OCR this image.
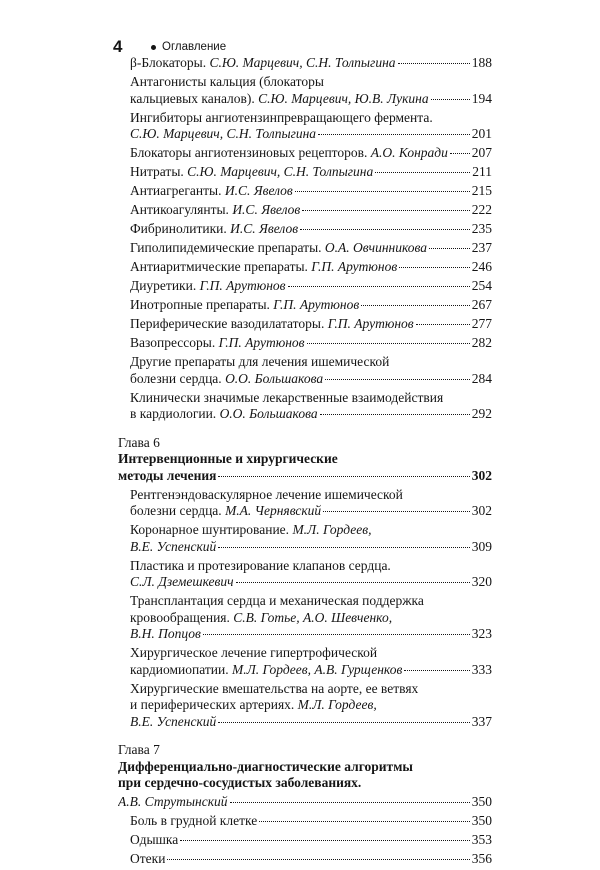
4	Оглавление
β-Блокаторы. С.Ю. Марцевич, С.Н. Толпыгина	188
Антагонисты кальция (блокаторы
кальциевых каналов). С.Ю. Марцевич, Ю.В. Лукина	194
Ингибиторы ангиотензинпревращающего фермента.
С.Ю. Марцевич, С.Н. Толпыгина	201
Блокаторы ангиотензиновых рецепторов. А.О. Конради 207
Нитраты. С.Ю. Марцевич, С.Н. Толпыгина	211
Антиагреганты. И.С. Явелов	215
Антикоагулянты. И.С. Явелов	222
Фибринолитики. И.С. Явелов	235
Гиполипидемические препараты. О.А. Овчинникова	237
Антиаритмические препараты. Г.П. Арутюнов	246
Диуретики. Г.П. Арутюнов	254
Инотропные препараты. Г.П. Арутюнов	267
Периферические вазодилататоры. Г.П. Арутюнов	277
Вазопрессоры. Г.П. Арутюнов	282
Другие препараты для лечения ишемической
болезни сердца. О.О. Большакова	284
Клинически значимые лекарственные взаимодействия
в кардиологии. О.О. Большакова	292
Глава 6
Интервенционные и хирургические
методы лечения	302
Рентгенэндоваскулярное лечение ишемической
болезни сердца. М.А. Чернявский	302
Коронарное шунтирование. М.Л. Гордеев,
В.Е. Успенский	309
Пластика и протезирование клапанов сердца.
С.Л. Дземешкевич	320
Трансплантация сердца и механическая поддержка
кровообращения. С.В. Готье, А.О. Шевченко,
В.Н. Попцов	323
Хирургическое лечение гипертрофической
кардиомиопатии. М.Л. Гордеев, А.В. Гурщенков	333
Хирургические вмешательства на аорте, ее ветвях
и периферических артериях. М.Л. Гордеев,
В.Е. Успенский	337
Глава 7
Дифференциально-диагностические алгоритмы
при сердечно-сосудистых заболеваниях.
А.В. Струтынский	350
Боль в грудной клетке	350
Одышка	353
Отеки	356
